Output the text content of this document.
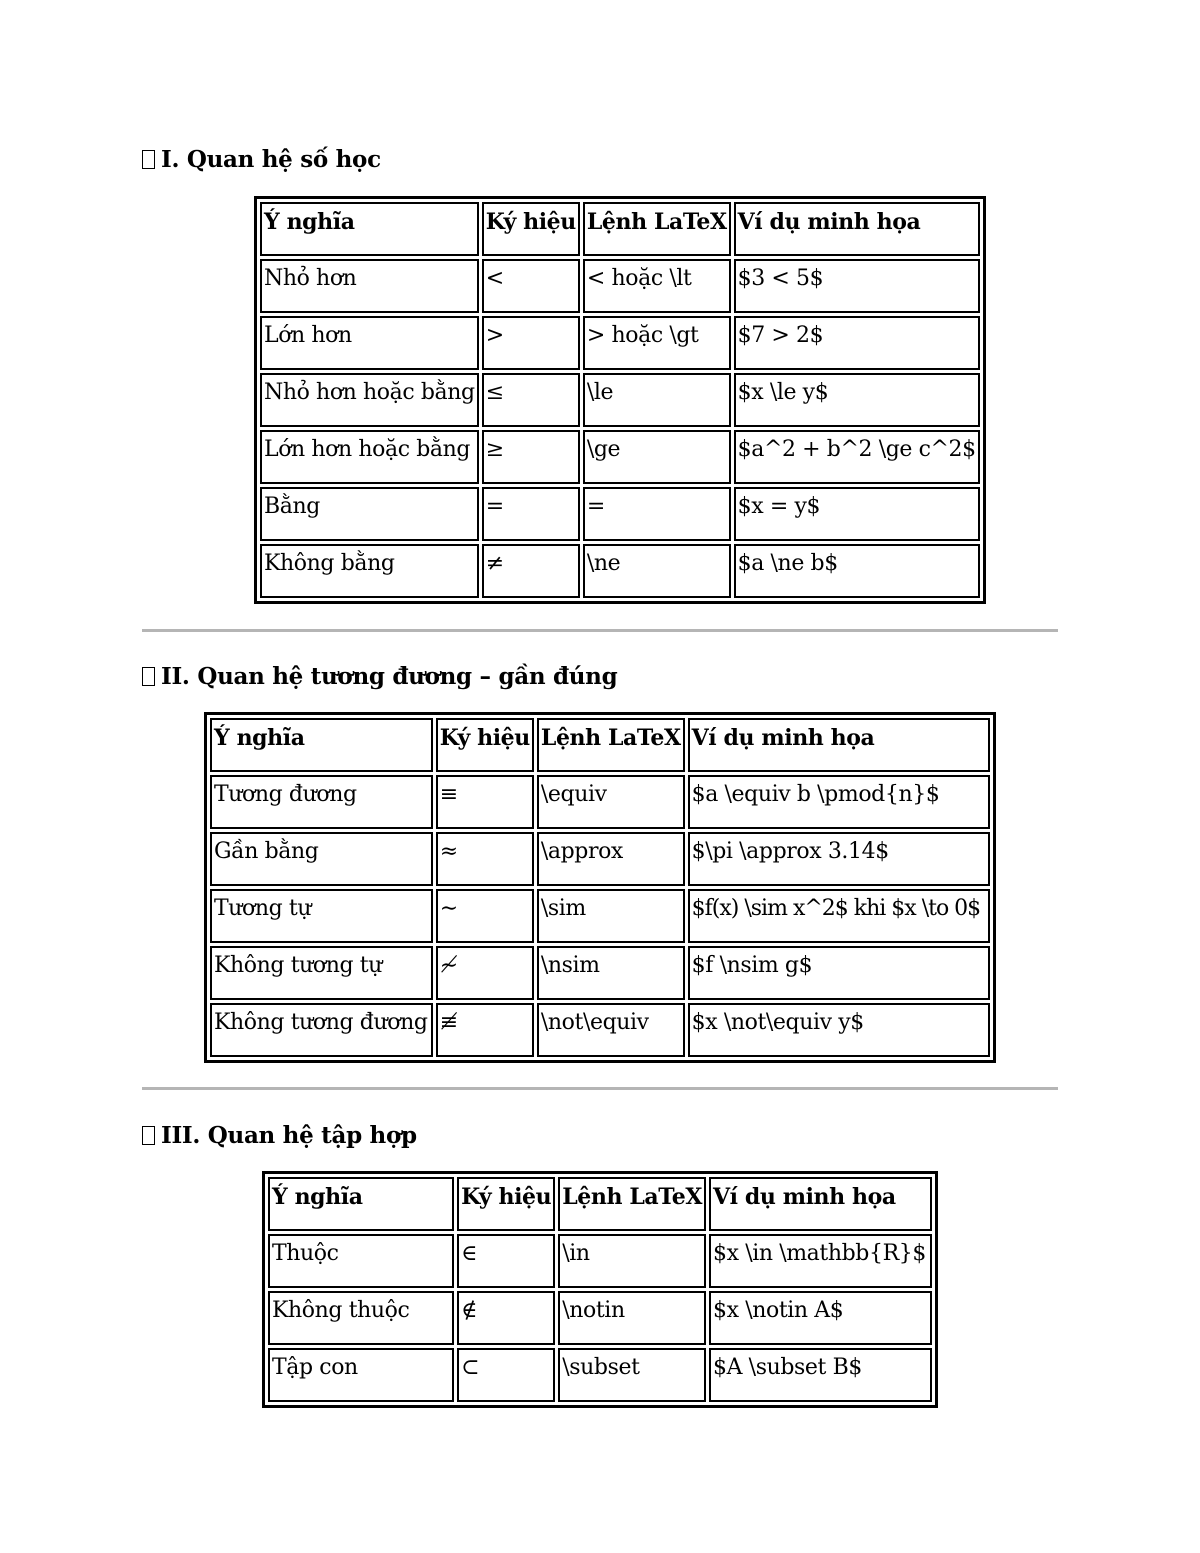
I. Quan hệ số học
Ý nghĩa	Ký hiệu	Lệnh LaTeX	Ví dụ minh họa
Nhỏ hơn	<	< hoặc \lt	$3 < 5$
Lớn hơn	>	> hoặc \gt	$7 > 2$
Nhỏ hơn hoặc bằng	≤	\le	$x \le y$
Lớn hơn hoặc bằng	≥	\ge	$a^2 + b^2 \ge c^2$
Bằng	=	=	$x = y$
Không bằng	≠	\ne	$a \ne b$
II. Quan hệ tương đương – gần đúng
Ý nghĩa	Ký hiệu	Lệnh LaTeX	Ví dụ minh họa
Tương đương	≡	\equiv	$a \equiv b \pmod{n}$
Gần bằng	≈	\approx	$\pi \approx 3.14$
Tương tự	∼	\sim	$f(x) \sim x^2$ khi $x \to 0$
Không tương tự	≁	\nsim	$f \nsim g$
Không tương đương	≢	\not\equiv	$x \not\equiv y$
III. Quan hệ tập hợp
Ý nghĩa	Ký hiệu	Lệnh LaTeX	Ví dụ minh họa
Thuộc	∈	\in	$x \in \mathbb{R}$
Không thuộc	∉	\notin	$x \notin A$
Tập con	⊂	\subset	$A \subset B$
